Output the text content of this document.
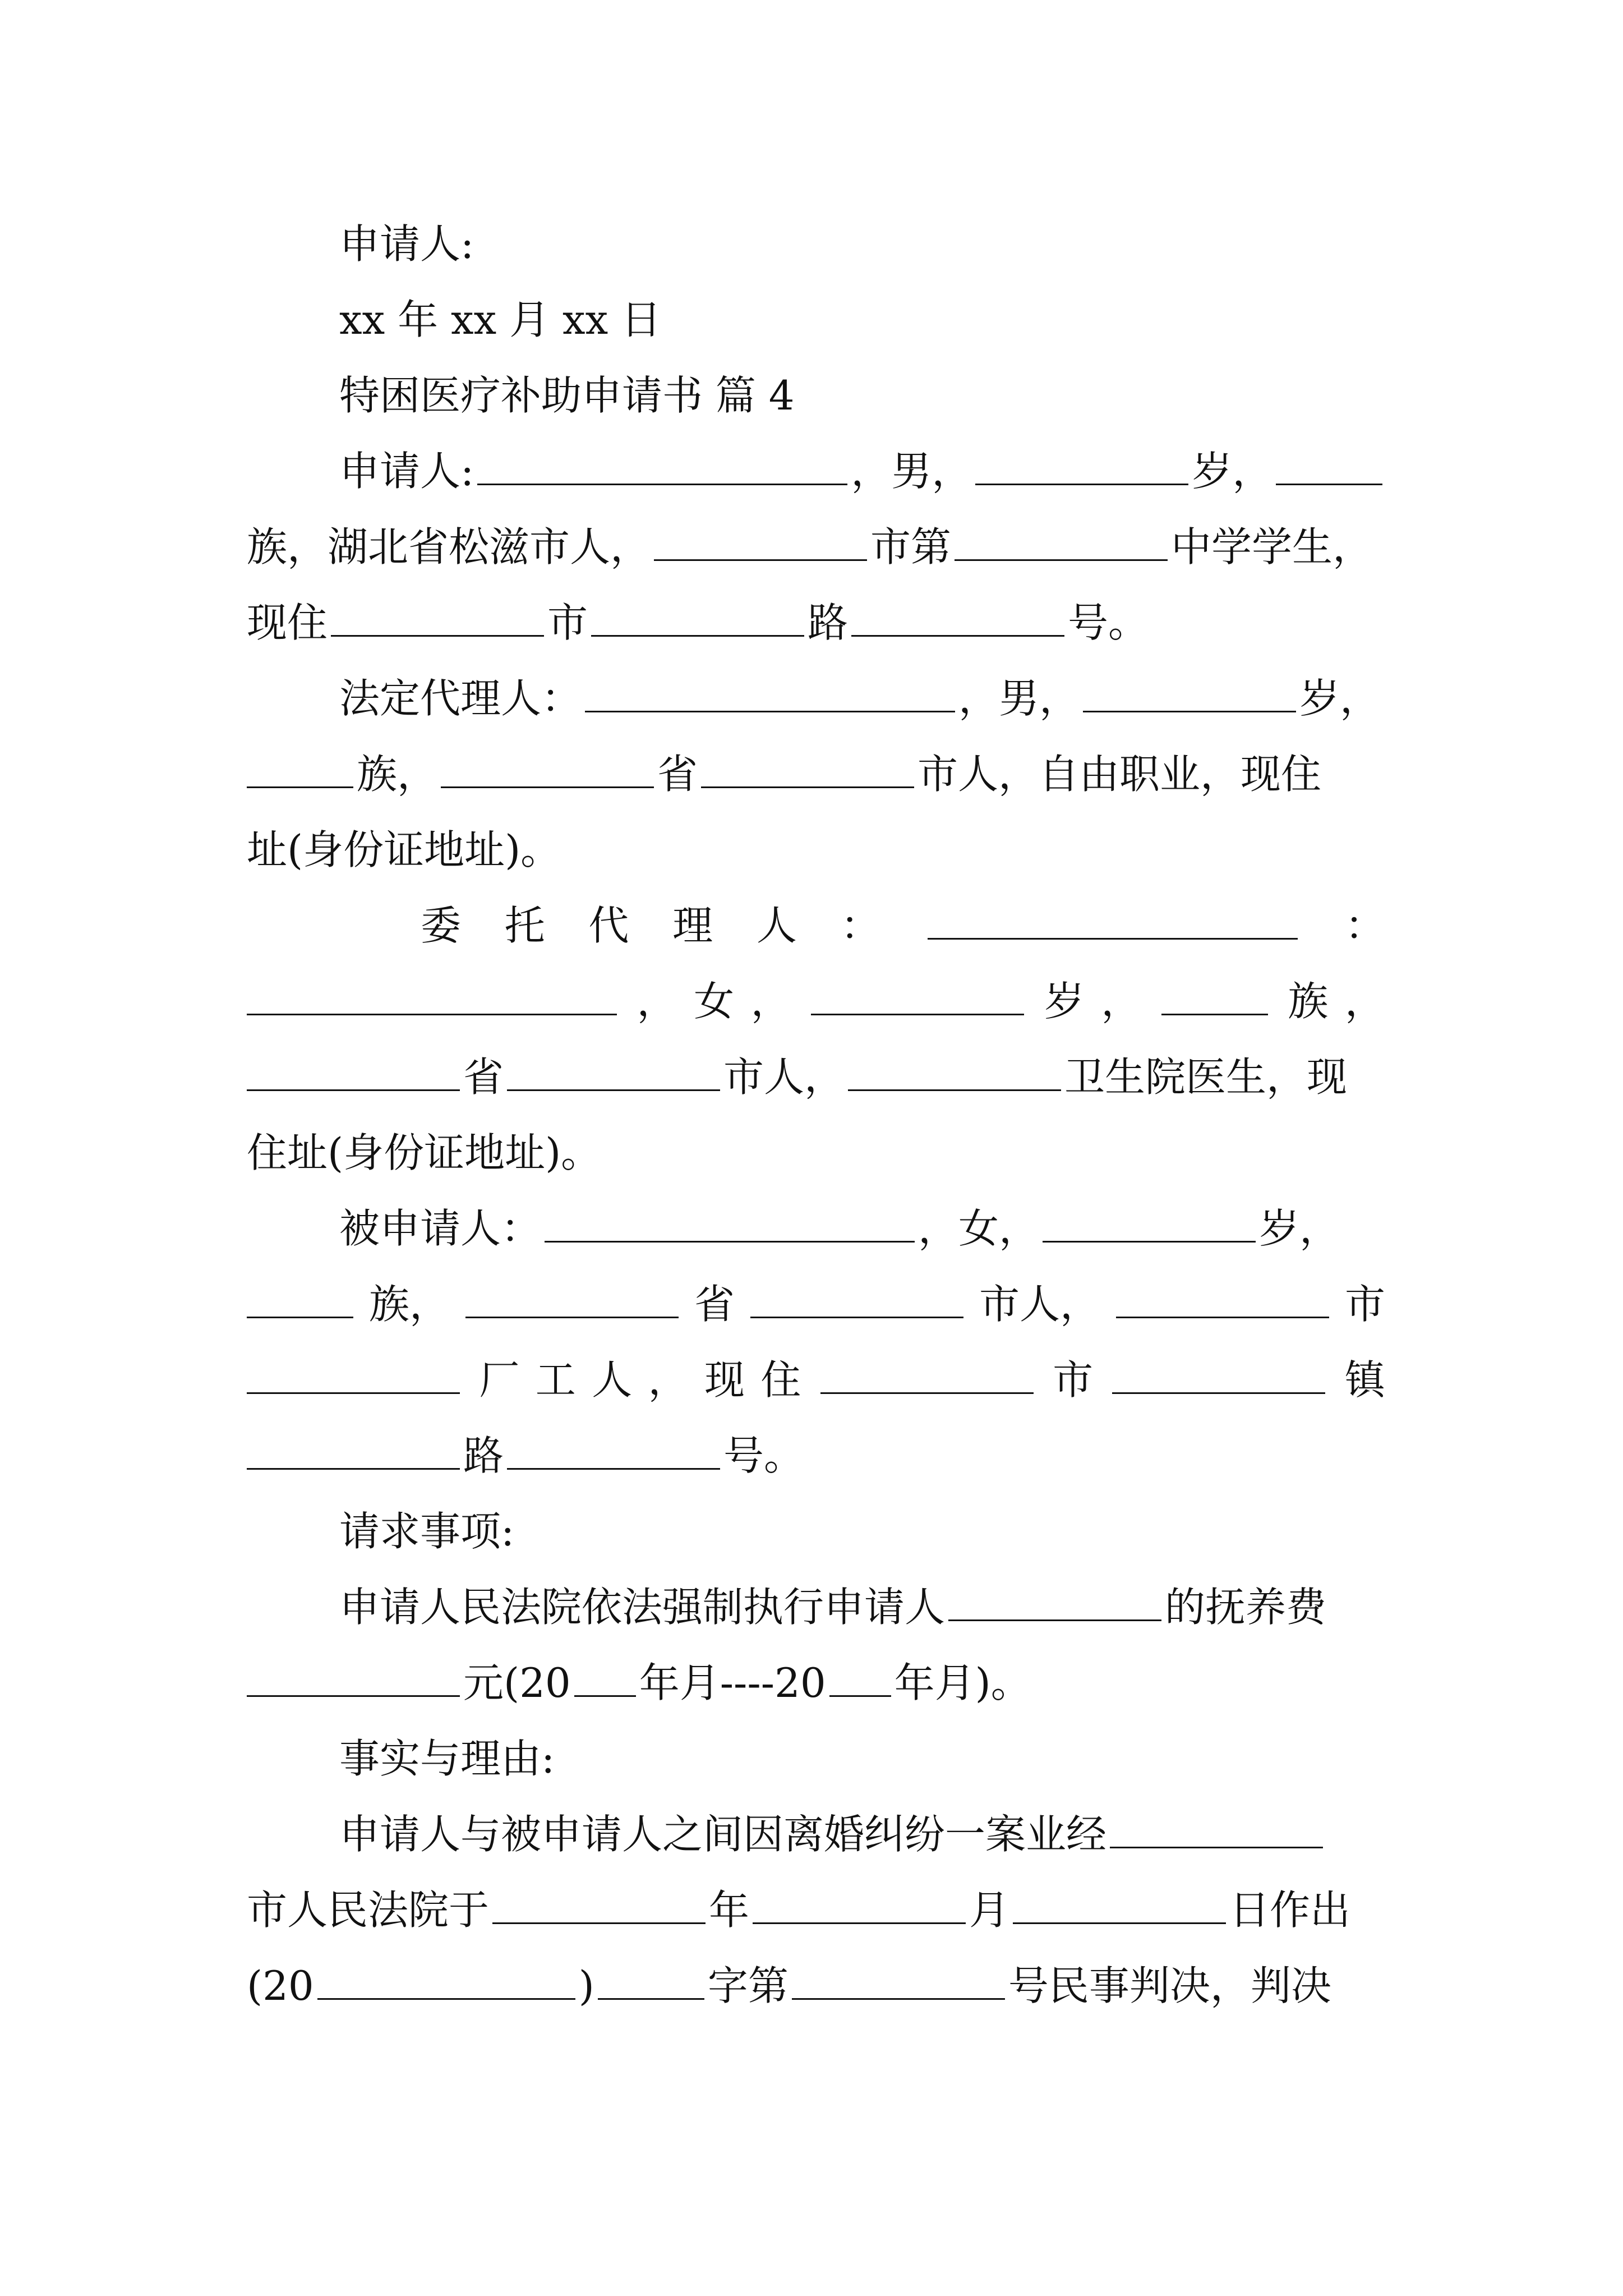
申请人:
xx 年 xx 月 xx 日
特困医疗补助申请书 篇 4
申请人:	，男，	岁，
族，湖北省松滋市人，	市第	中学学生，
现住	市	路	号。
法定代理人：	，男，	岁，
族，	省	市人，自由职业，现住
址(身份证地址)。
委 托 代 理 人 ：	：
， 女 ，	岁 ，	族 ，
省	市人，	卫生院医生，现
住址(身份证地址)。
被申请人：	，女，	岁，
族，	省	市人，	市
厂 工 人 ， 现 住	市	镇
路	号。
请求事项:
申请人民法院依法强制执行申请人	的抚养费
元(20 年月----20 年月)。
事实与理由:
申请人与被申请人之间因离婚纠纷一案业经
市人民法院于	年	月	日作出
(20	)	字第	号民事判决，判决
